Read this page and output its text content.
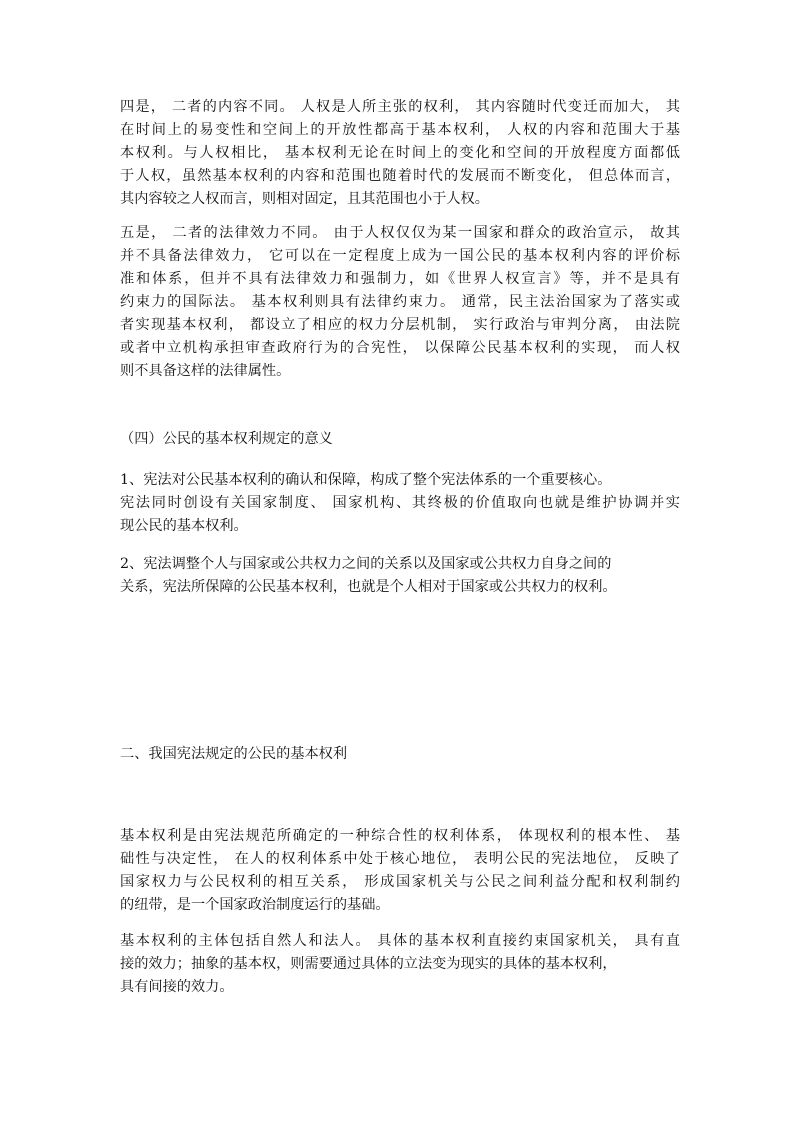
四是， 二者的内容不同。 人权是人所主张的权利， 其内容随时代变迁而加大， 其
在时间上的易变性和空间上的开放性都高于基本权利， 人权的内容和范围大于基
本权利。与人权相比， 基本权利无论在时间上的变化和空间的开放程度方面都低
于人权，虽然基本权利的内容和范围也随着时代的发展而不断变化， 但总体而言，
其内容较之人权而言，则相对固定，且其范围也小于人权。
五是， 二者的法律效力不同。 由于人权仅仅为某一国家和群众的政治宣示， 故其
并不具备法律效力， 它可以在一定程度上成为一国公民的基本权利内容的评价标
准和体系，但并不具有法律效力和强制力，如《世界人权宣言》等，并不是具有
约束力的国际法。 基本权利则具有法律约束力。 通常，民主法治国家为了落实或
者实现基本权利， 都设立了相应的权力分层机制， 实行政治与审判分离， 由法院
或者中立机构承担审查政府行为的合宪性， 以保障公民基本权利的实现， 而人权
则不具备这样的法律属性。
（四）公民的基本权利规定的意义
1、宪法对公民基本权利的确认和保障，构成了整个宪法体系的一个重要核心。
宪法同时创设有关国家制度、 国家机构、其终极的价值取向也就是维护协调并实
现公民的基本权利。
2、宪法调整个人与国家或公共权力之间的关系以及国家或公共权力自身之间的
关系，宪法所保障的公民基本权利，也就是个人相对于国家或公共权力的权利。
二、我国宪法规定的公民的基本权利
基本权利是由宪法规范所确定的一种综合性的权利体系， 体现权利的根本性、 基
础性与决定性， 在人的权利体系中处于核心地位， 表明公民的宪法地位， 反映了
国家权力与公民权利的相互关系， 形成国家机关与公民之间利益分配和权利制约
的纽带，是一个国家政治制度运行的基础。
基本权利的主体包括自然人和法人。 具体的基本权利直接约束国家机关， 具有直
接的效力；抽象的基本权，则需要通过具体的立法变为现实的具体的基本权利，
具有间接的效力。
